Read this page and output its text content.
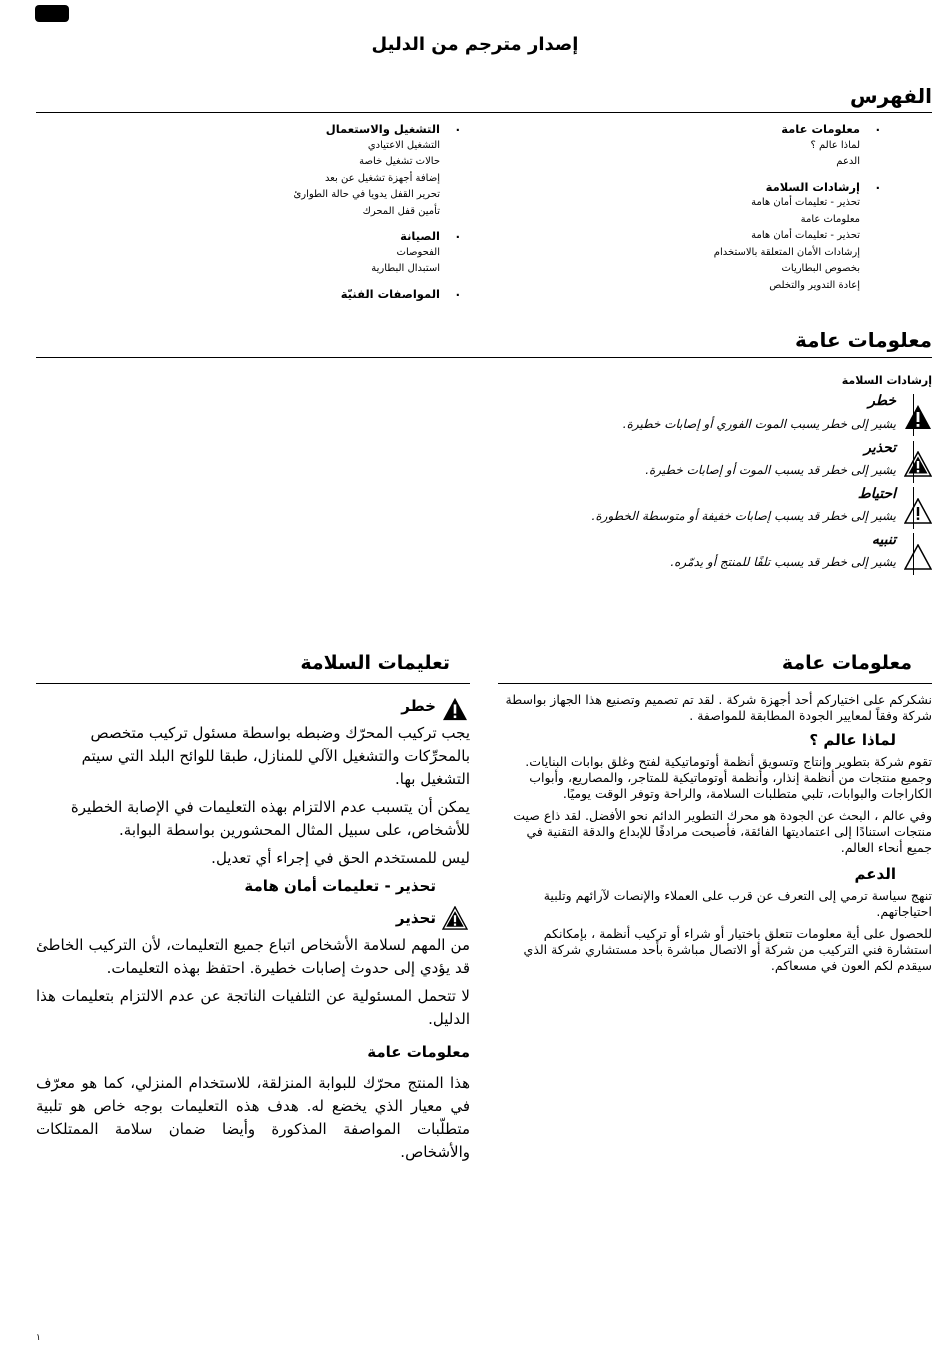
إصدار مترجم من الدليل
الفهرس
.
معلومات عامة
لماذا عالم ؟
الدعم
.
إرشادات السلامة
تحذير - تعليمات أمان هامة
معلومات عامة
تحذير - تعليمات أمان هامة
إرشادات الأمان المتعلقة بالاستخدام
بخصوص البطاريات
إعادة التدوير والتخلص
.
التشغيل والاستعمال
التشغيل الاعتيادي
حالات تشغيل خاصة
إضافة أجهزة تشغيل عن بعد
تحرير القفل يدويا في حالة الطوارئ
تأمين قفل المحرك
.
الصيانة
الفحوصات
استبدال البطارية
.
المواصفات الفنيّة
معلومات عامة
إرشادات السلامة
خطر
يشير إلى خطر يسبب الموت الفوري أو إصابات خطيرة.
تحذير
يشير إلى خطر قد يسبب الموت أو إصابات خطيرة.
احتياط
يشير إلى خطر قد يسبب إصابات خفيفة أو متوسطة الخطورة.
تنبيه
يشير إلى خطر قد يسبب تلفًا للمنتج أو يدمّره.
معلومات عامة

نشكركم على اختياركم أحد أجهزة شركة . لقد تم تصميم وتصنيع هذا الجهاز بواسطة شركة وفقاً لمعايير الجودة المطابقة للمواصفة .

لماذا عالم ؟

تقوم شركة بتطوير وإنتاج وتسويق أنظمة أوتوماتيكية لفتح وغلق بوابات البنايات. وجميع منتجات من أنظمة إنذار، وأنظمة أوتوماتيكية للمتاجر، والمصاريع، وأبواب الكاراجات والبوابات، تلبي متطلبات السلامة، والراحة وتوفر الوقت يوميًا.

وفي عالم ، البحث عن الجودة هو محرك التطوير الدائم نحو الأفضل. لقد ذاع صيت منتجات استنادًا إلى اعتماديتها الفائقة، فأصبحت مرادفًا للإبداع والدقة التقنية في جميع أنحاء العالم.

الدعم

تنهج سياسة ترمي إلى التعرف عن قرب على العملاء والإنصات لآرائهم وتلبية احتياجاتهم.

للحصول على أية معلومات تتعلق باختيار أو شراء أو تركيب أنظمة ، بإمكانكم استشارة فني التركيب من شركة أو الاتصال مباشرة بأحد مستشاري شركة الذي سيقدم لكم العون في مسعاكم.

تعليمات السلامة
خطر

يجب تركيب المحرّك وضبطه بواسطة مسئول تركيب متخصص بالمحرِّكات والتشغيل الآلي للمنازل، طبقا للوائح البلد التي سيتم التشغيل بها.

يمكن أن يتسبب عدم الالتزام بهذه التعليمات في الإصابة الخطيرة للأشخاص، على سبيل المثال المحشورين بواسطة البوابة.

ليس للمستخدم الحق في إجراء أي تعديل.

تحذير - تعليمات أمان هامة
تحذير

من المهم لسلامة الأشخاص اتباع جميع التعليمات، لأن التركيب الخاطئ قد يؤدي إلى حدوث إصابات خطيرة. احتفظ بهذه التعليمات.

لا تتحمل المسئولية عن التلفيات الناتجة عن عدم الالتزام بتعليمات هذا الدليل.

معلومات عامة

هذا المنتج محرّك للبوابة المنزلقة، للاستخدام المنزلي، كما هو معرّف في معيار الذي يخضع له. هدف هذه التعليمات بوجه خاص هو تلبية متطلّبات المواصفة المذكورة وأيضا ضمان سلامة الممتلكات والأشخاص.

١
